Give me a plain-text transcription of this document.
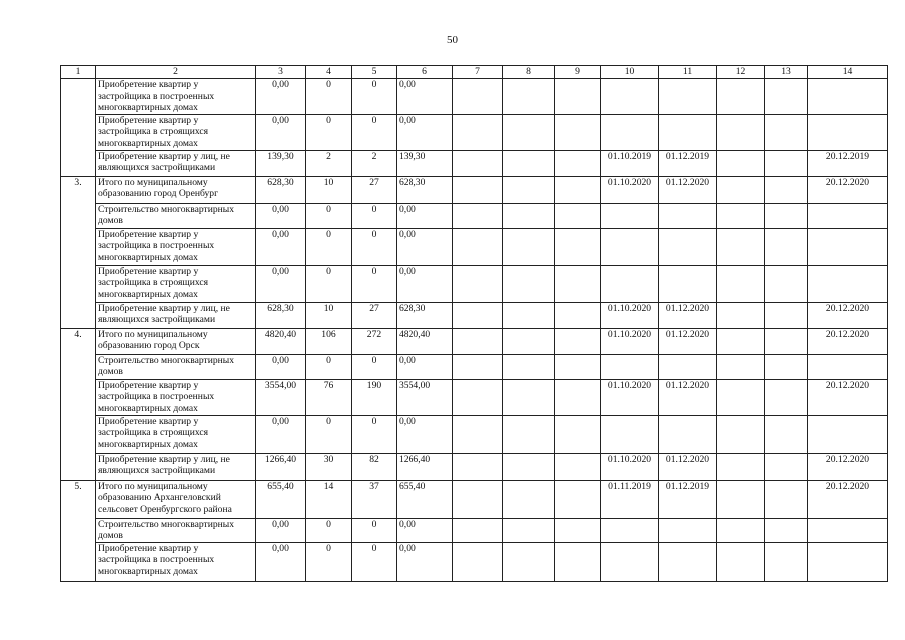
50
1	2	3	4	5	6	7	8	9	10	11	12	13	14
	Приобретение квартир у застройщика в построенных многоквартирных домах	0,00	0	0	0,00								
	Приобретение квартир у застройщика в строящихся многоквартирных домах	0,00	0	0	0,00								
	Приобретение квартир у лиц, не являющихся застройщиками	139,30	2	2	139,30				01.10.2019	01.12.2019			20.12.2019
3.	Итого по муниципальному образованию город Оренбург	628,30	10	27	628,30				01.10.2020	01.12.2020			20.12.2020
	Строительство многоквартирных домов	0,00	0	0	0,00								
	Приобретение квартир у застройщика в построенных многоквартирных домах	0,00	0	0	0,00								
	Приобретение квартир у застройщика в строящихся многоквартирных домах	0,00	0	0	0,00								
	Приобретение квартир у лиц, не являющихся застройщиками	628,30	10	27	628,30				01.10.2020	01.12.2020			20.12.2020
4.	Итого по муниципальному образованию город Орск	4820,40	106	272	4820,40				01.10.2020	01.12.2020			20.12.2020
	Строительство многоквартирных домов	0,00	0	0	0,00								
	Приобретение квартир у застройщика в построенных многоквартирных домах	3554,00	76	190	3554,00				01.10.2020	01.12.2020			20.12.2020
	Приобретение квартир у застройщика в строящихся многоквартирных домах	0,00	0	0	0,00								
	Приобретение квартир у лиц, не являющихся застройщиками	1266,40	30	82	1266,40				01.10.2020	01.12.2020			20.12.2020
5.	Итого по муниципальному образованию Архангеловский сельсовет Оренбургского района	655,40	14	37	655,40				01.11.2019	01.12.2019			20.12.2020
	Строительство многоквартирных домов	0,00	0	0	0,00								
	Приобретение квартир у застройщика в построенных многоквартирных домах	0,00	0	0	0,00								
